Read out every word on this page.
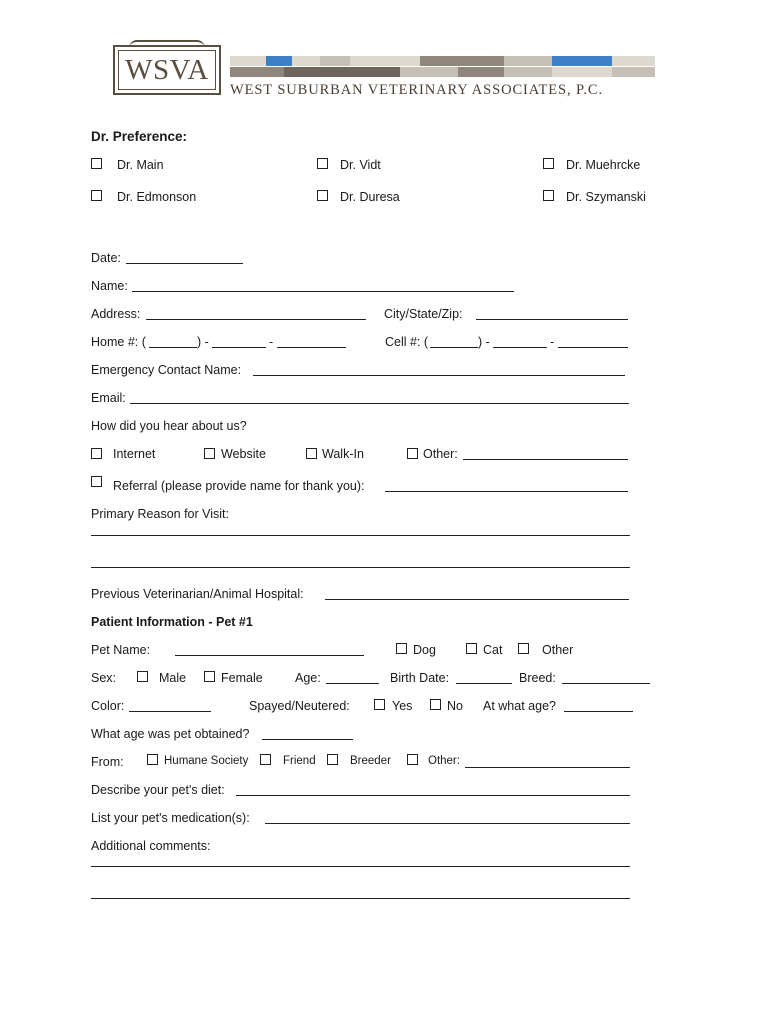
WSVA
WEST SUBURBAN VETERINARY ASSOCIATES, P.C.
Dr. Preference:
Dr. Main	Dr. Vidt	Dr. Muehrcke
Dr. Edmonson	Dr. Duresa	Dr. Szymanski
Date:
Name:
Address:	City/State/Zip:
Home #: (	) -	-	Cell #: (	) -	-
Emergency Contact Name:
Email:
How did you hear about us?
Internet	Website	Walk-In	Other:
Referral (please provide name for thank you):
Primary Reason for Visit:
Previous Veterinarian/Animal Hospital:
Patient Information - Pet #1
Pet Name:	Dog	Cat	Other
Sex:	Male	Female	Age:	Birth Date:	Breed:
Color:	Spayed/Neutered:	Yes	No At what age?
What age was pet obtained?
From:	Humane Society	Friend	Breeder	Other:
Describe your pet's diet:
List your pet's medication(s):
Additional comments:
